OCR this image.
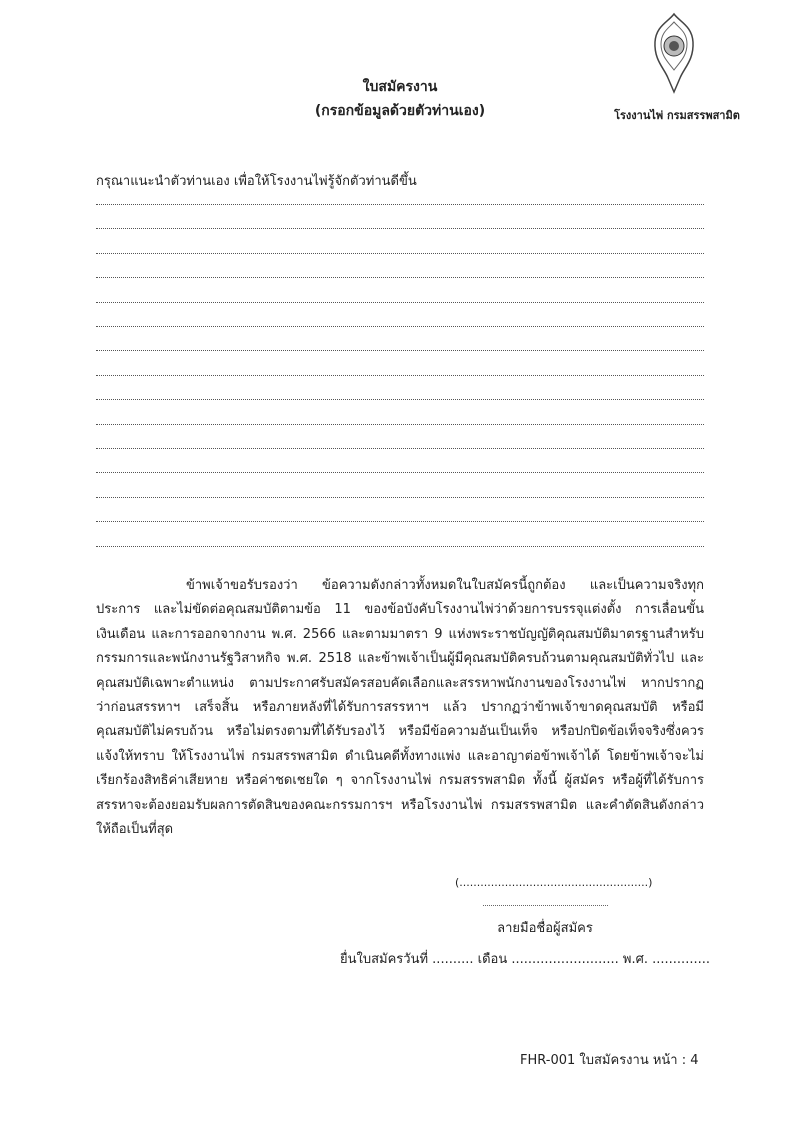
ใบสมัครงาน
(กรอกข้อมูลด้วยตัวท่านเอง)	โรงงานไพ่ กรมสรรพสามิต
กรุณาแนะนำตัวท่านเอง เพื่อให้โรงงานไพ่รู้จักตัวท่านดีขึ้น
ข้าพเจ้าขอรับรองว่า ข้อความดังกล่าวทั้งหมดในใบสมัครนี้ถูกต้อง และเป็นความจริงทุก
ประการ และไม่ขัดต่อคุณสมบัติตามข้อ 11 ของข้อบังคับโรงงานไพ่ว่าด้วยการบรรจุแต่งตั้ง การเลื่อนขั้น
เงินเดือน และการออกจากงาน พ.ศ. 2566 และตามมาตรา 9 แห่งพระราชบัญญัติคุณสมบัติมาตรฐานสำหรับ
กรรมการและพนักงานรัฐวิสาหกิจ พ.ศ. 2518 และข้าพเจ้าเป็นผู้มีคุณสมบัติครบถ้วนตามคุณสมบัติทั่วไป และ
คุณสมบัติเฉพาะตำแหน่ง ตามประกาศรับสมัครสอบคัดเลือกและสรรหาพนักงานของโรงงานไพ่ หากปรากฏ
ว่าก่อนสรรหาฯ เสร็จสิ้น หรือภายหลังที่ได้รับการสรรหาฯ แล้ว ปรากฏว่าข้าพเจ้าขาดคุณสมบัติ หรือมี
คุณสมบัติไม่ครบถ้วน หรือไม่ตรงตามที่ได้รับรองไว้ หรือมีข้อความอันเป็นเท็จ หรือปกปิดข้อเท็จจริงซึ่งควร
แจ้งให้ทราบ ให้โรงงานไพ่ กรมสรรพสามิต ดำเนินคดีทั้งทางแพ่ง และอาญาต่อข้าพเจ้าได้ โดยข้าพเจ้าจะไม่
เรียกร้องสิทธิค่าเสียหาย หรือค่าชดเชยใด ๆ จากโรงงานไพ่ กรมสรรพสามิต ทั้งนี้ ผู้สมัคร หรือผู้ที่ได้รับการ
สรรหาจะต้องยอมรับผลการตัดสินของคณะกรรมการฯ หรือโรงงานไพ่ กรมสรรพสามิต และคำตัดสินดังกล่าว
ให้ถือเป็นที่สุด
(......................................................)
ลายมือชื่อผู้สมัคร
ยื่นใบสมัครวันที่ .......... เดือน .......................... พ.ศ. ..............
FHR-001 ใบสมัครงาน หน้า : 4
